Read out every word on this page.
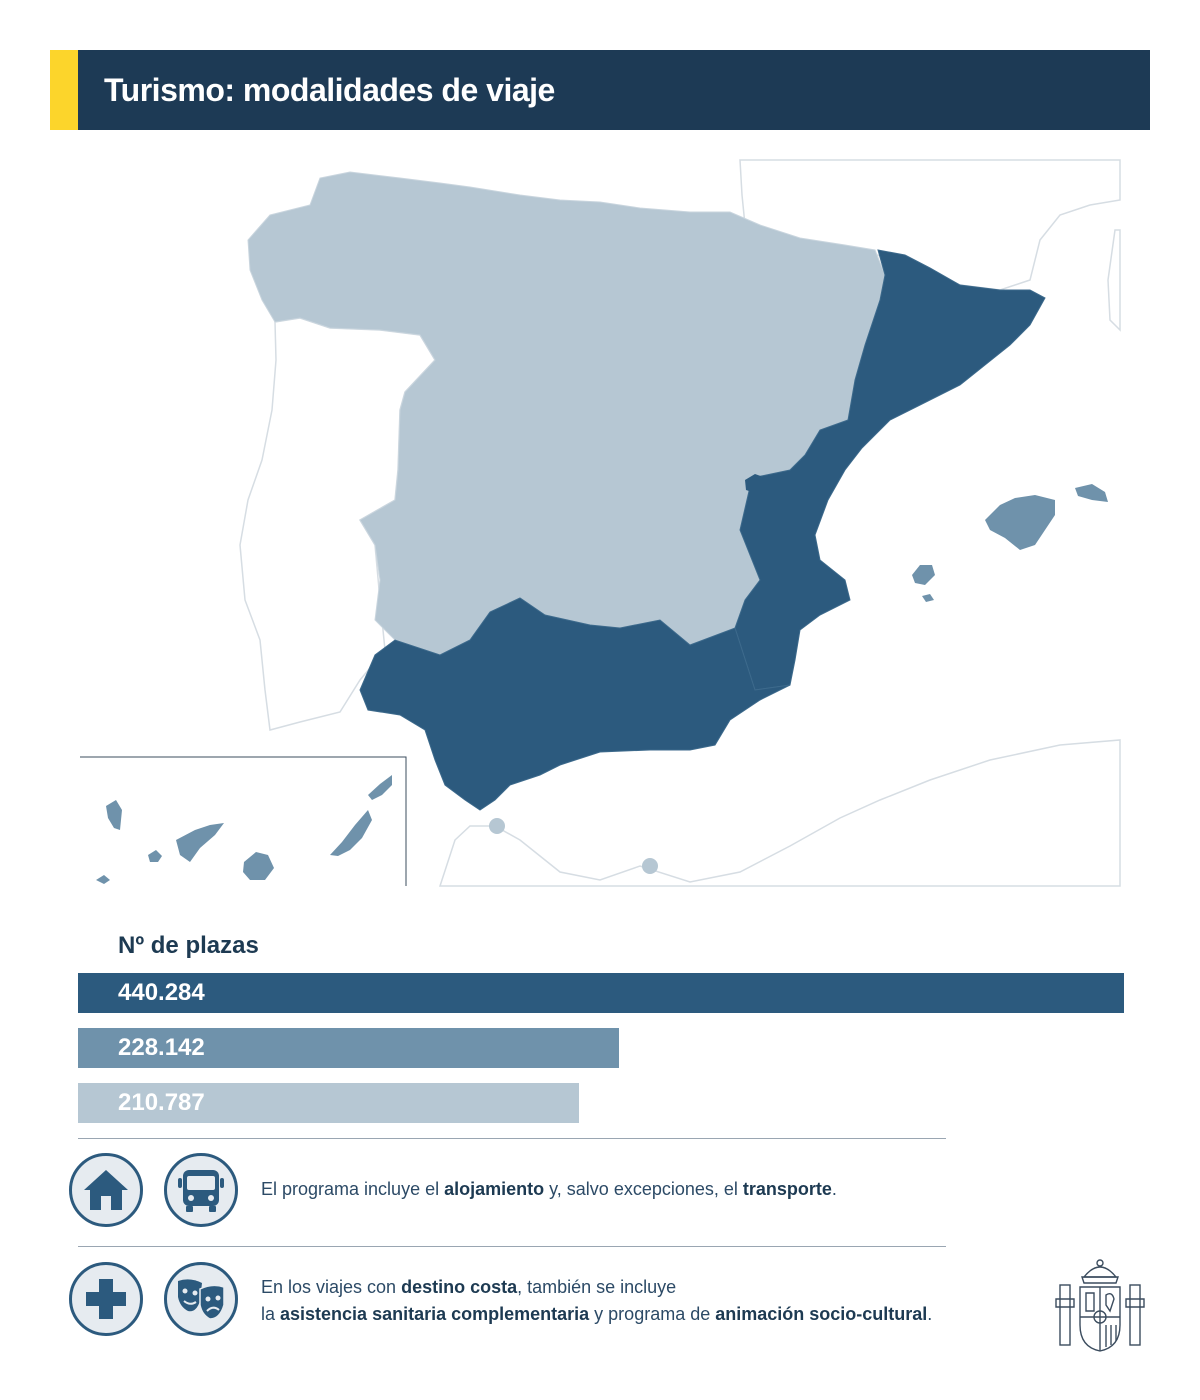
Turismo: modalidades de viaje
Nº de plazas
440.284
228.142
210.787
El programa incluye el alojamiento y, salvo excepciones, el transporte.
En los viajes con destino costa, también se incluye
la asistencia sanitaria complementaria y programa de animación socio-cultural.
